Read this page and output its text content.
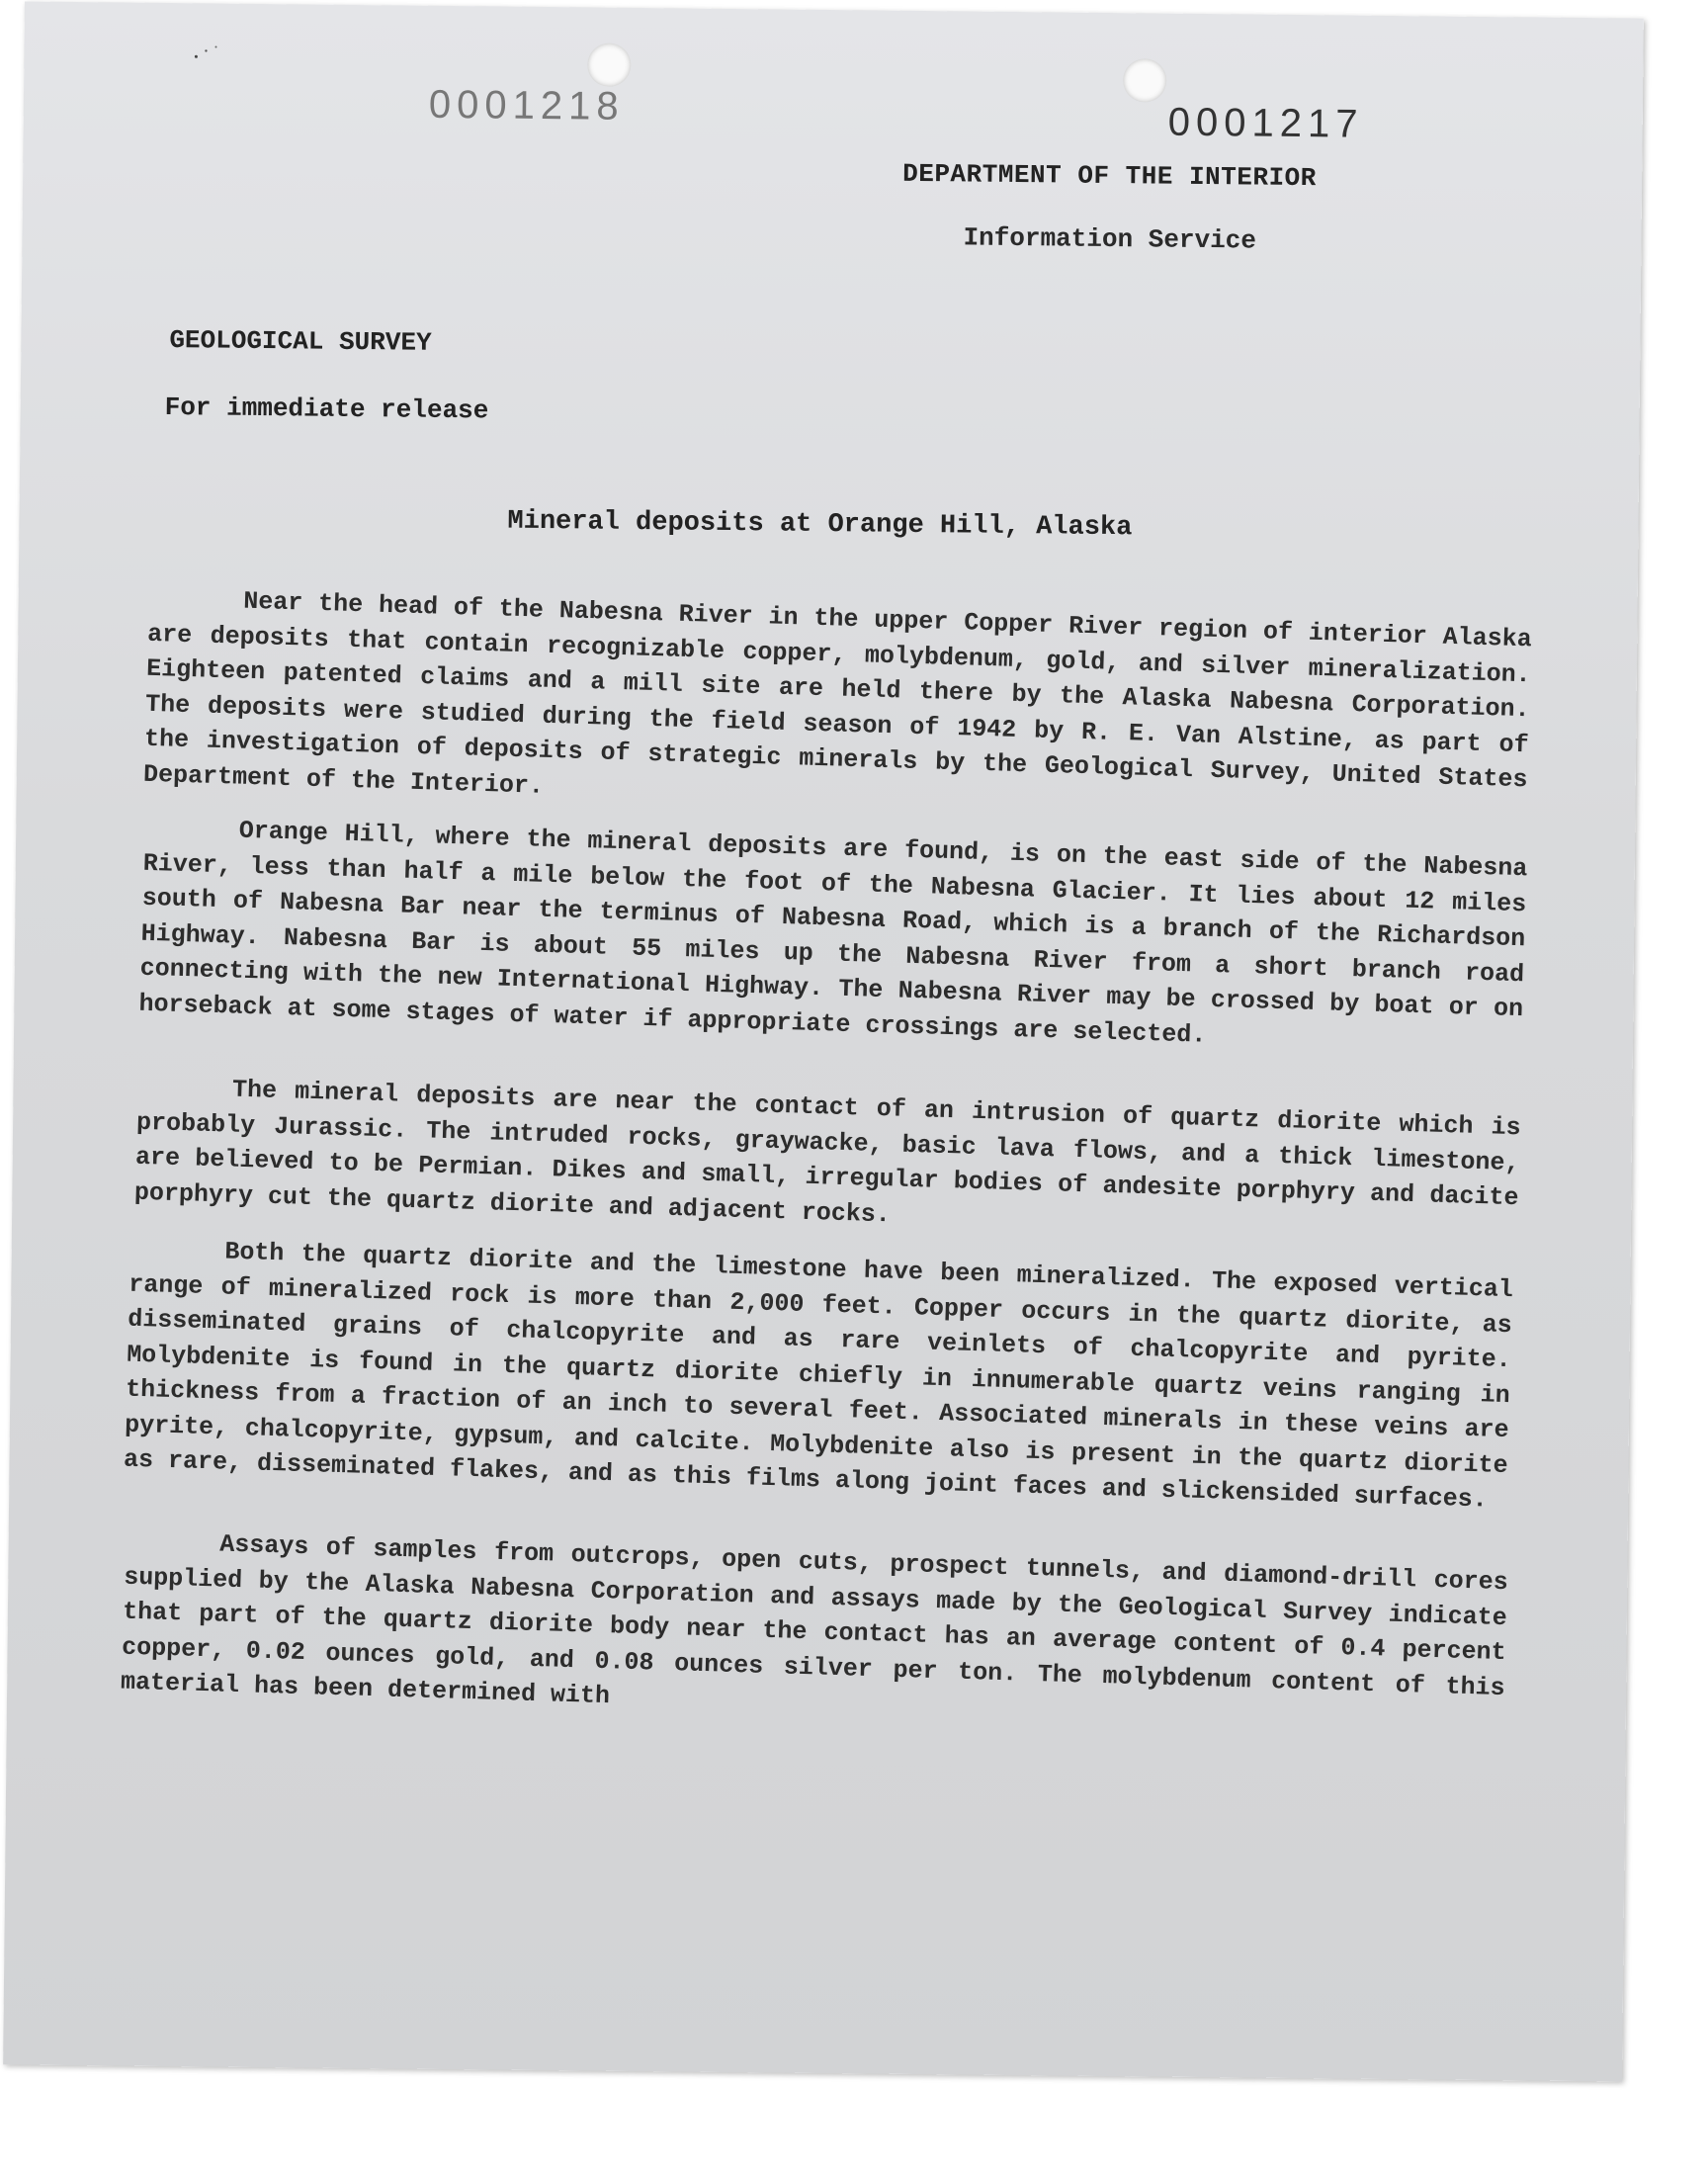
0001218	0001217
DEPARTMENT OF THE INTERIOR
Information Service
GEOLOGICAL SURVEY
For immediate release
Mineral deposits at Orange Hill, Alaska

Near the head of the Nabesna River in the upper Copper River region of interior Alaska are deposits that contain recognizable copper, molybdenum, gold, and silver mineralization. Eighteen patented claims and a mill site are held there by the Alaska Nabesna Corporation. The deposits were studied during the field season of 1942 by R. E. Van Alstine, as part of the investigation of deposits of strategic minerals by the Geological Survey, United States Department of the Interior.

Orange Hill, where the mineral deposits are found, is on the east side of the Nabesna River, less than half a mile below the foot of the Nabesna Glacier. It lies about 12 miles south of Nabesna Bar near the terminus of Nabesna Road, which is a branch of the Richardson Highway. Nabesna Bar is about 55 miles up the Nabesna River from a short branch road connecting with the new International Highway. The Nabesna River may be crossed by boat or on horseback at some stages of water if appropriate crossings are selected.

The mineral deposits are near the contact of an intrusion of quartz diorite which is probably Jurassic. The intruded rocks, graywacke, basic lava flows, and a thick limestone, are believed to be Permian. Dikes and small, irregular bodies of andesite porphyry and dacite porphyry cut the quartz diorite and adjacent rocks.

Both the quartz diorite and the limestone have been mineralized. The exposed vertical range of mineralized rock is more than 2,000 feet. Copper occurs in the quartz diorite, as disseminated grains of chalcopyrite and as rare veinlets of chalcopyrite and pyrite. Molybdenite is found in the quartz diorite chiefly in innumerable quartz veins ranging in thickness from a fraction of an inch to several feet. Associated minerals in these veins are pyrite, chalcopyrite, gypsum, and calcite. Molybdenite also is present in the quartz diorite as rare, disseminated flakes, and as this films along joint faces and slickensided surfaces.

Assays of samples from outcrops, open cuts, prospect tunnels, and diamond-drill cores supplied by the Alaska Nabesna Corporation and assays made by the Geological Survey indicate that part of the quartz diorite body near the contact has an average content of 0.4 percent copper, 0.02 ounces gold, and 0.08 ounces silver per ton. The molybdenum content of this material has been determined with
